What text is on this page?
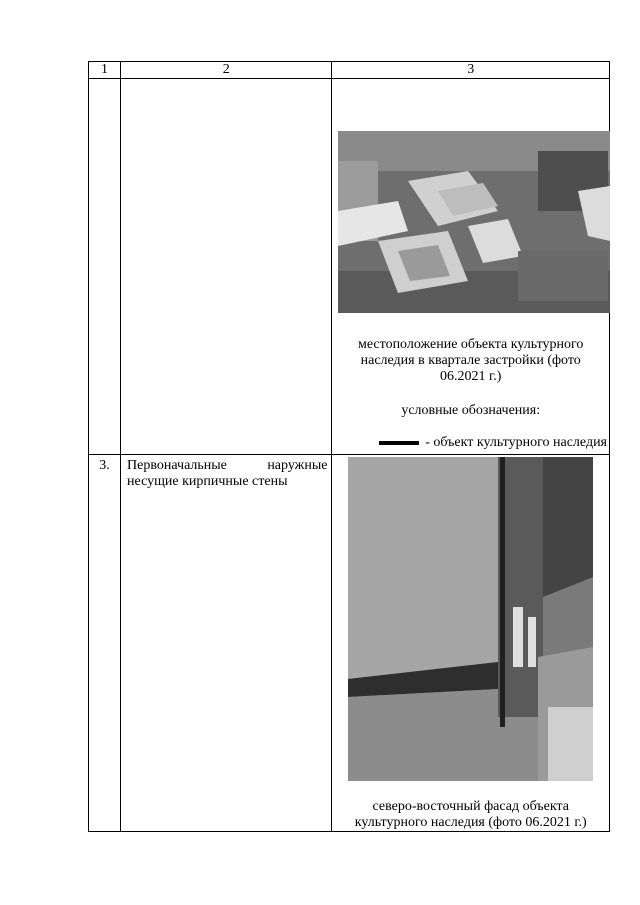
1	2	3

		местоположение объекта культурного наследия в квартале застройки (фото 06.2021 г.)
условные обозначения:
- объект культурного наследия

3.	Первоначальные наружные
несущие кирпичные стены	северо-восточный фасад объекта культурного наследия (фото 06.2021 г.)
